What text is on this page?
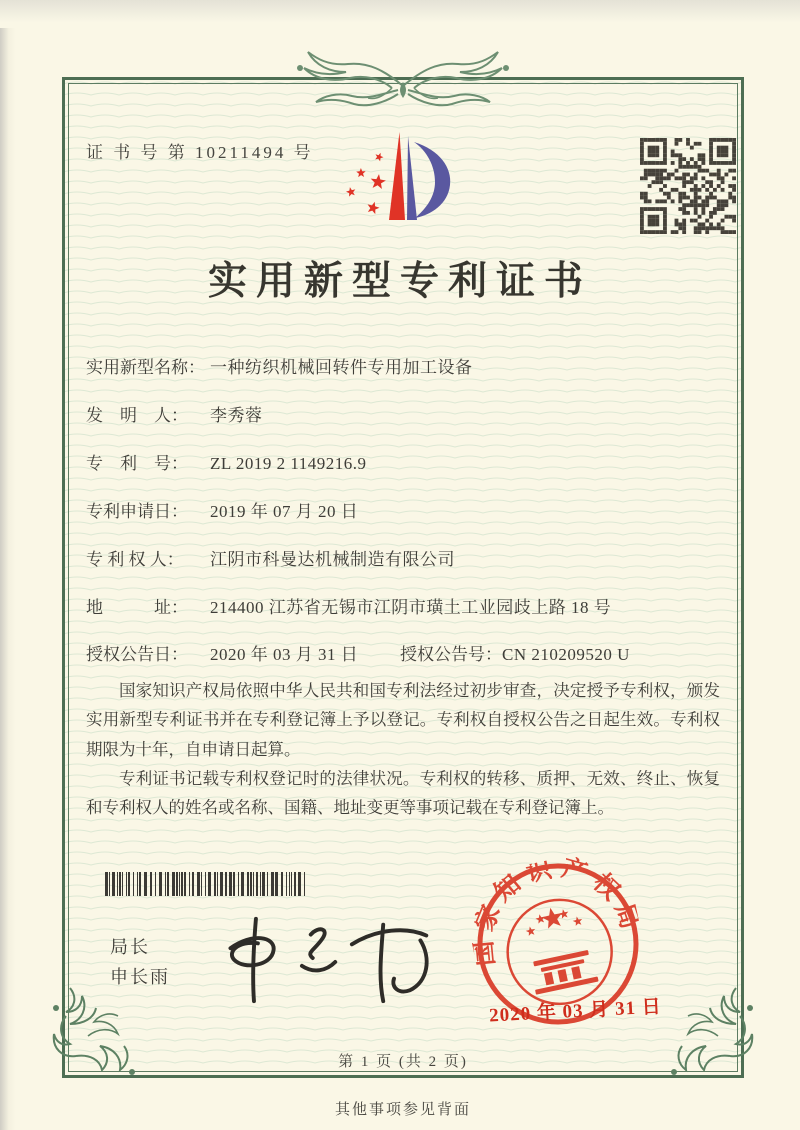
证 书 号 第 10211494 号
实用新型专利证书
实用新型名称： 一种纺织机械回转件专用加工设备
发　明　人： 李秀蓉
专　利　号： ZL 2019 2 1149216.9
专利申请日： 2019 年 07 月 20 日
专 利 权 人： 江阴市科曼达机械制造有限公司
地　　　址： 214400 江苏省无锡市江阴市璜土工业园歧上路 18 号
授权公告日： 2020 年 03 月 31 日 授权公告号：CN 210209520 U

国家知识产权局依照中华人民共和国专利法经过初步审查，决定授予专利权，颁发实用新型专利证书并在专利登记簿上予以登记。专利权自授权公告之日起生效。专利权期限为十年，自申请日起算。

专利证书记载专利权登记时的法律状况。专利权的转移、质押、无效、终止、恢复和专利权人的姓名或名称、国籍、地址变更等事项记载在专利登记簿上。

局长
申长雨
国家知识产权局
2020 年 03 月 31 日
第 1 页 (共 2 页)
其他事项参见背面
